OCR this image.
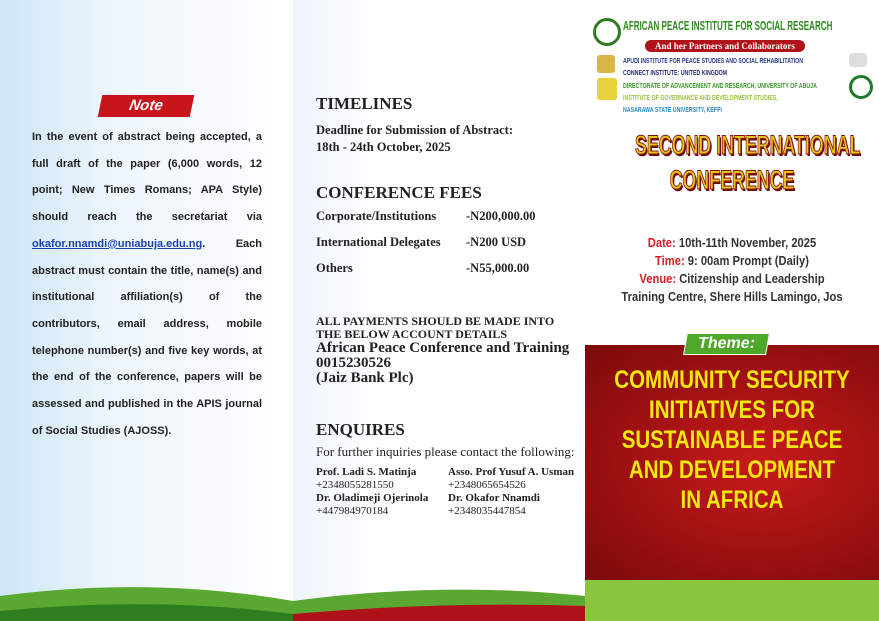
Note
In the event of abstract being accepted, a full draft of the paper (6,000 words, 12 point; New Times Romans; APA Style) should reach the secretariat via okafor.nnamdi@uniabuja.edu.ng. Each abstract must contain the title, name(s) and institutional affiliation(s) of the contributors, email address, mobile telephone number(s) and five key words, at the end of the conference, papers will be assessed and published in the APIS journal of Social Studies (AJOSS).
TIMELINES
Deadline for Submission of Abstract:
18th - 24th October, 2025
CONFERENCE FEES
Corporate/Institutions	-N200,000.00
International Delegates	-N200 USD
Others	-N55,000.00
ALL PAYMENTS SHOULD BE MADE INTO
THE BELOW ACCOUNT DETAILS
African Peace Conference and Training
0015230526
(Jaiz Bank Plc)
ENQUIRES
For further inquiries please contact the following:
Prof. Ladi S. Matinja	Asso. Prof Yusuf A. Usman
+2348055281550	+2348065654526
Dr. Oladimeji Ojerinola	Dr. Okafor Nnamdi
+447984970184	+2348035447854
AFRICAN PEACE INSTITUTE FOR SOCIAL RESEARCH
And her Partners and Collaborators
APUDI INSTITUTE FOR PEACE STUDIES AND SOCIAL REHABILITATION
CONNECT INSTITUTE: UNITED KINGDOM
DIRECTORATE OF ADVANCEMENT AND RESEARCH, UNIVERSITY OF ABUJA
INSTITUTE OF GOVERNANCE AND DEVELOPMENT STUDIES,
NASARAWA STATE UNIVERSITY, KEFFI
SECOND INTERNATIONAL
CONFERENCE
Date: 10th-11th November, 2025
Time: 9: 00am Prompt (Daily)
Venue: Citizenship and Leadership
Training Centre, Shere Hills Lamingo, Jos
Theme:
COMMUNITY SECURITY
INITIATIVES FOR
SUSTAINABLE PEACE
AND DEVELOPMENT
IN AFRICA
